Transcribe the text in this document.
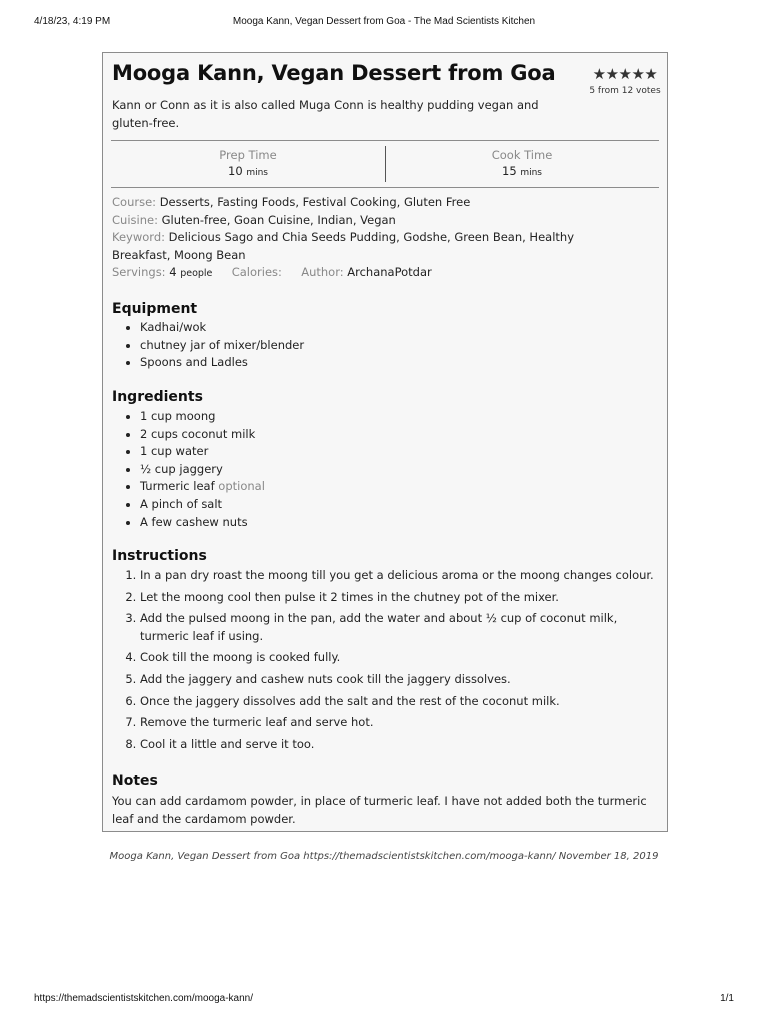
4/18/23, 4:19 PM	Mooga Kann, Vegan Dessert from Goa - The Mad Scientists Kitchen
Mooga Kann, Vegan Dessert from Goa ★★★★★
5 from 12 votes
Kann or Conn as it is also called Muga Conn is healthy pudding vegan and gluten-free.
Prep Time
10 mins
Cook Time
15 mins
Course: Desserts, Fasting Foods, Festival Cooking, Gluten Free
Cuisine: Gluten-free, Goan Cuisine, Indian, Vegan
Keyword: Delicious Sago and Chia Seeds Pudding, Godshe, Green Bean, Healthy Breakfast, Moong Bean
Servings: 4 people Calories: Author: ArchanaPotdar
Equipment
• Kadhai/wok
• chutney jar of mixer/blender
• Spoons and Ladles
Ingredients
• 1 cup moong
• 2 cups coconut milk
• 1 cup water
• ½ cup jaggery
• Turmeric leaf optional
• A pinch of salt
• A few cashew nuts
Instructions
1. In a pan dry roast the moong till you get a delicious aroma or the moong changes colour.
2. Let the moong cool then pulse it 2 times in the chutney pot of the mixer.
3. Add the pulsed moong in the pan, add the water and about ½ cup of coconut milk, turmeric leaf if using.
4. Cook till the moong is cooked fully.
5. Add the jaggery and cashew nuts cook till the jaggery dissolves.
6. Once the jaggery dissolves add the salt and the rest of the coconut milk.
7. Remove the turmeric leaf and serve hot.
8. Cool it a little and serve it too.
Notes
You can add cardamom powder, in place of turmeric leaf. I have not added both the turmeric leaf and the cardamom powder.
Mooga Kann, Vegan Dessert from Goa https://themadscientistskitchen.com/mooga-kann/ November 18, 2019
https://themadscientistskitchen.com/mooga-kann/	1/1
